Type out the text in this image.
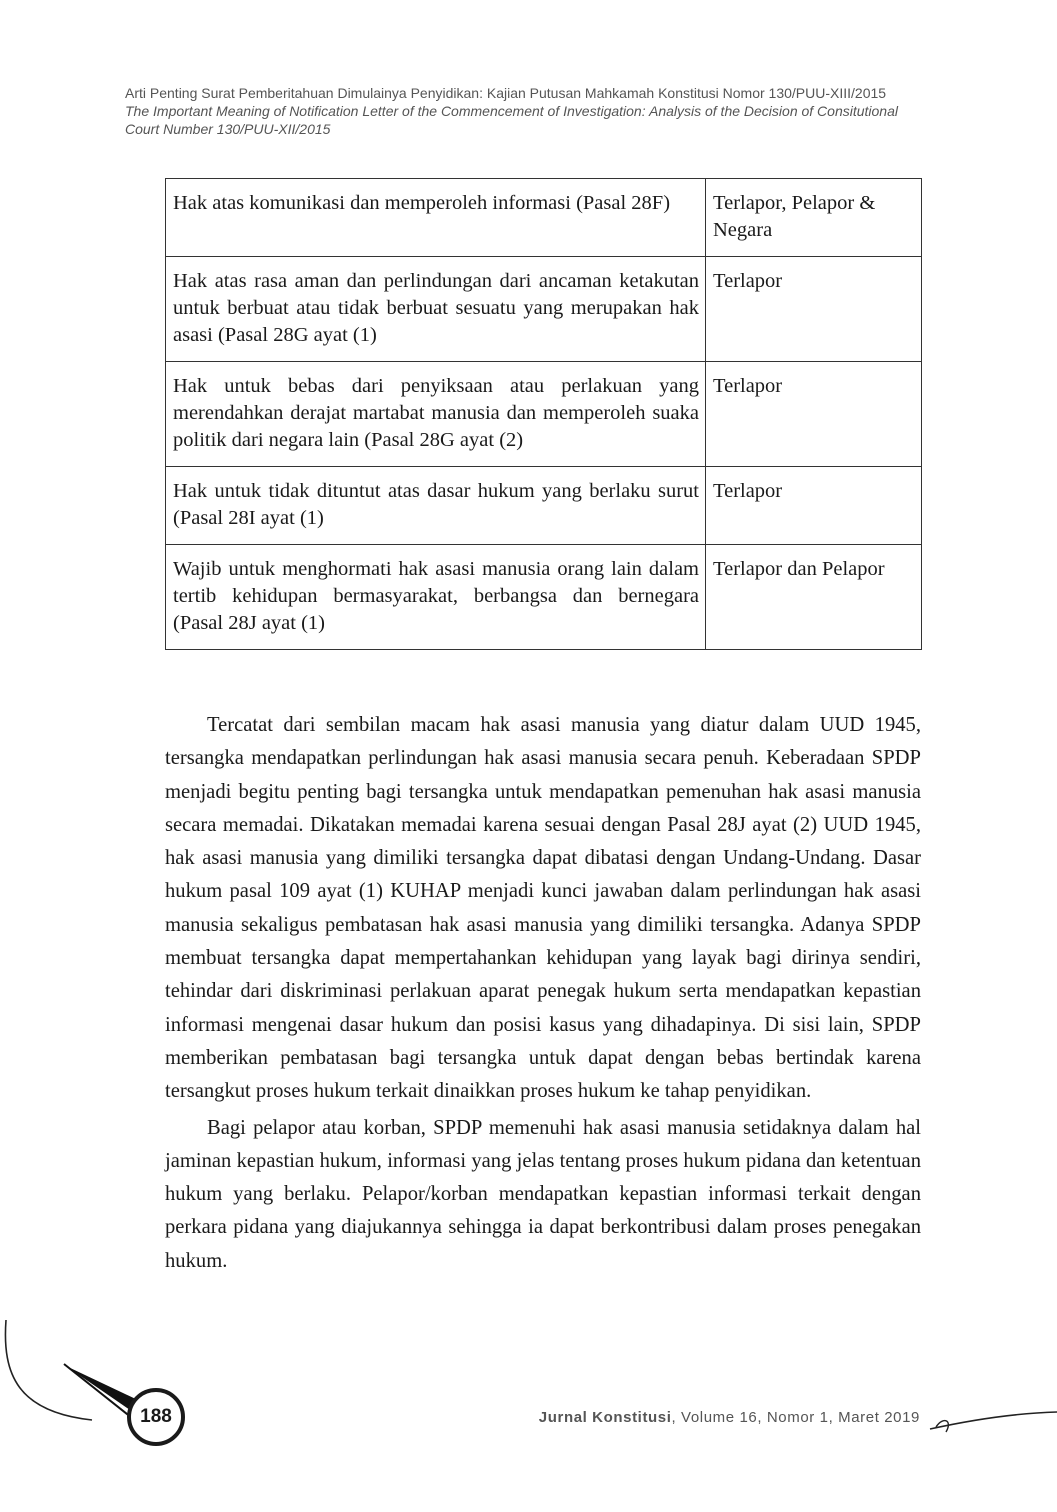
Arti Penting Surat Pemberitahuan Dimulainya Penyidikan: Kajian Putusan Mahkamah Konstitusi Nomor 130/PUU-XIII/2015
The Important Meaning of Notification Letter of the Commencement of Investigation: Analysis of the Decision of Consitutional Court Number 130/PUU-XII/2015
Hak atas komunikasi dan memperoleh informasi (Pasal 28F)	Terlapor, Pelapor & Negara
Hak atas rasa aman dan perlindungan dari ancaman ketakutan untuk berbuat atau tidak berbuat sesuatu yang merupakan hak asasi (Pasal 28G ayat (1)	Terlapor
Hak untuk bebas dari penyiksaan atau perlakuan yang merendahkan derajat martabat manusia dan memperoleh suaka politik dari negara lain (Pasal 28G ayat (2)	Terlapor
Hak untuk tidak dituntut atas dasar hukum yang berlaku surut (Pasal 28I ayat (1)	Terlapor
Wajib untuk menghormati hak asasi manusia orang lain dalam tertib kehidupan bermasyarakat, berbangsa dan bernegara (Pasal 28J ayat (1)	Terlapor dan Pelapor

Tercatat dari sembilan macam hak asasi manusia yang diatur dalam UUD 1945, tersangka mendapatkan perlindungan hak asasi manusia secara penuh. Keberadaan SPDP menjadi begitu penting bagi tersangka untuk mendapatkan pemenuhan hak asasi manusia secara memadai. Dikatakan memadai karena sesuai dengan Pasal 28J ayat (2) UUD 1945, hak asasi manusia yang dimiliki tersangka dapat dibatasi dengan Undang-Undang. Dasar hukum pasal 109 ayat (1) KUHAP menjadi kunci jawaban dalam perlindungan hak asasi manusia sekaligus pembatasan hak asasi manusia yang dimiliki tersangka. Adanya SPDP membuat tersangka dapat mempertahankan kehidupan yang layak bagi dirinya sendiri, tehindar dari diskriminasi perlakuan aparat penegak hukum serta mendapatkan kepastian informasi mengenai dasar hukum dan posisi kasus yang dihadapinya. Di sisi lain, SPDP memberikan pembatasan bagi tersangka untuk dapat dengan bebas bertindak karena tersangkut proses hukum terkait dinaikkan proses hukum ke tahap penyidikan.

Bagi pelapor atau korban, SPDP memenuhi hak asasi manusia setidaknya dalam hal jaminan kepastian hukum, informasi yang jelas tentang proses hukum pidana dan ketentuan hukum yang berlaku. Pelapor/korban mendapatkan kepastian informasi terkait dengan perkara pidana yang diajukannya sehingga ia dapat berkontribusi dalam proses penegakan hukum.

Jurnal Konstitusi, Volume 16, Nomor 1, Maret 2019
188
